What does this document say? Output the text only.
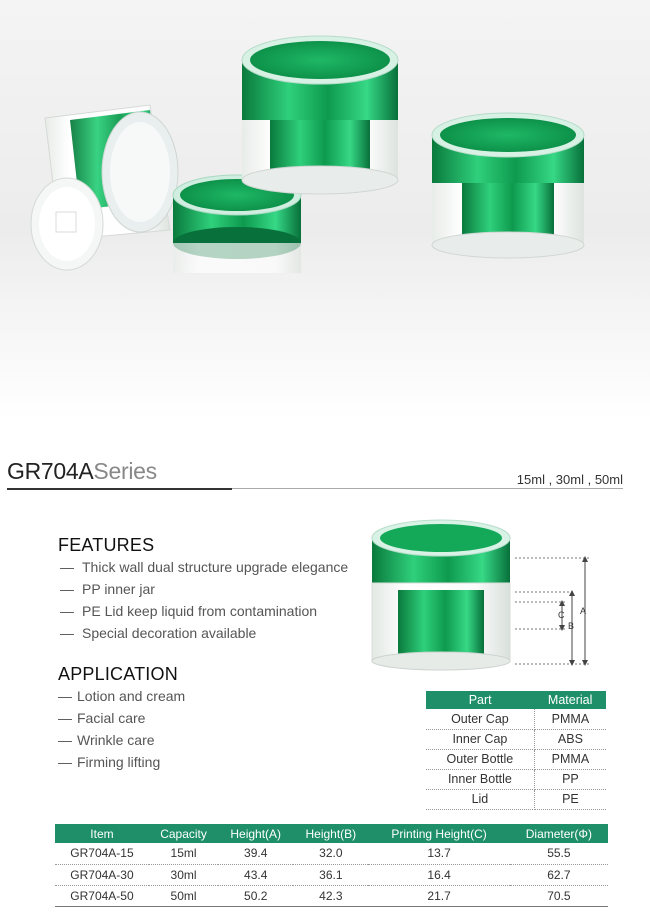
GR704ASeries	15ml , 30ml , 50ml
FEATURES
— Thick wall dual structure upgrade elegance
— PP inner jar
— PE Lid keep liquid from contamination
— Special decoration available
APPLICATION
— Lotion and cream
— Facial care
— Wrinkle care
— Firming lifting
A
B
C
Part	Material
Outer Cap	PMMA
Inner Cap	ABS
Outer Bottle	PMMA
Inner Bottle	PP
Lid	PE
Item	Capacity	Height(A)	Height(B)	Printing Height(C)	Diameter(Φ)
GR704A-15	15ml	39.4	32.0	13.7	55.5
GR704A-30	30ml	43.4	36.1	16.4	62.7
GR704A-50	50ml	50.2	42.3	21.7	70.5
